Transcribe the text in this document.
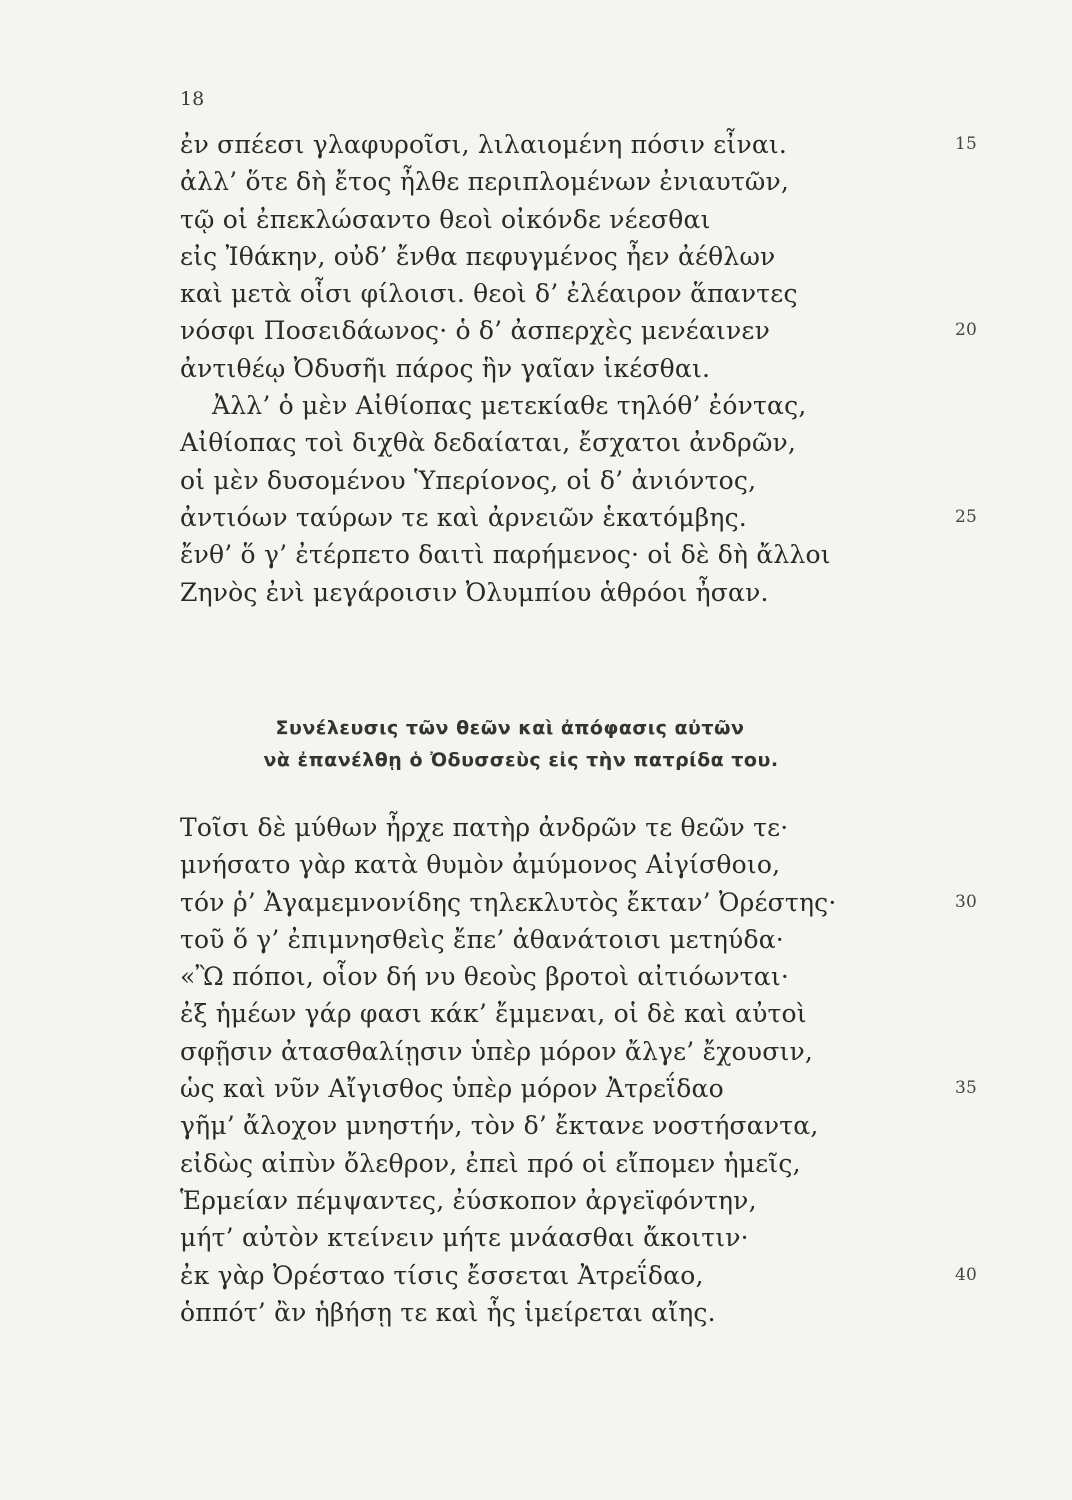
18
ἐν σπέεσι γλαφυροῖσι, λιλαιομένη πόσιν εἶναι.	15
ἀλλ’ ὅτε δὴ ἔτος ἦλθε περιπλομένων ἐνιαυτῶν,
τῷ οἱ ἐπεκλώσαντο θεοὶ οἰκόνδε νέεσθαι
εἰς Ἰθάκην, οὐδ’ ἔνθα πεφυγμένος ἦεν ἀέθλων
καὶ μετὰ οἷσι φίλοισι. θεοὶ δ’ ἐλέαιρον ἅπαντες
νόσφι Ποσειδάωνος· ὁ δ’ ἀσπερχὲς μενέαινεν	20
ἀντιθέῳ Ὀδυσῆι πάρος ἣν γαῖαν ἱκέσθαι.
Ἀλλ’ ὁ μὲν Αἰθίοπας μετεκίαθε τηλόθ’ ἐόντας,
Αἰθίοπας τοὶ διχθὰ δεδαίαται, ἔσχατοι ἀνδρῶν,
οἱ μὲν δυσομένου Ὑπερίονος, οἱ δ’ ἀνιόντος,
ἀντιόων ταύρων τε καὶ ἀρνειῶν ἑκατόμβης.	25
ἔνθ’ ὅ γ’ ἐτέρπετο δαιτὶ παρήμενος· οἱ δὲ δὴ ἄλλοι
Ζηνὸς ἐνὶ μεγάροισιν Ὀλυμπίου ἁθρόοι ἦσαν.
Συνέλευσις τῶν θεῶν καὶ ἀπόφασις αὐτῶν
νὰ ἐπανέλθῃ ὁ Ὀδυσσεὺς εἰς τὴν πατρίδα του.
Τοῖσι δὲ μύθων ἦρχε πατὴρ ἀνδρῶν τε θεῶν τε·
μνήσατο γὰρ κατὰ θυμὸν ἀμύμονος Αἰγίσθοιο,
τόν ῥ’ Ἀγαμεμνονίδης τηλεκλυτὸς ἔκταν’ Ὀρέστης·	30
τοῦ ὅ γ’ ἐπιμνησθεὶς ἔπε’ ἀθανάτοισι μετηύδα·
«Ὢ πόποι, οἷον δή νυ θεοὺς βροτοὶ αἰτιόωνται·
ἐξ ἡμέων γάρ φασι κάκ’ ἔμμεναι, οἱ δὲ καὶ αὐτοὶ
σφῇσιν ἀτασθαλίῃσιν ὑπὲρ μόρον ἄλγε’ ἔχουσιν,
ὡς καὶ νῦν Αἴγισθος ὑπὲρ μόρον Ἀτρεΐδαο	35
γῆμ’ ἄλοχον μνηστήν, τὸν δ’ ἔκτανε νοστήσαντα,
εἰδὼς αἰπὺν ὄλεθρον, ἐπεὶ πρό οἱ εἴπομεν ἡμεῖς,
Ἑρμείαν πέμψαντες, ἐύσκοπον ἀργεϊφόντην,
μήτ’ αὐτὸν κτείνειν μήτε μνάασθαι ἄκοιτιν·
ἐκ γὰρ Ὀρέσταο τίσις ἔσσεται Ἀτρεΐδαο,	40
ὁππότ’ ἂν ἡβήσῃ τε καὶ ἧς ἱμείρεται αἴης.
